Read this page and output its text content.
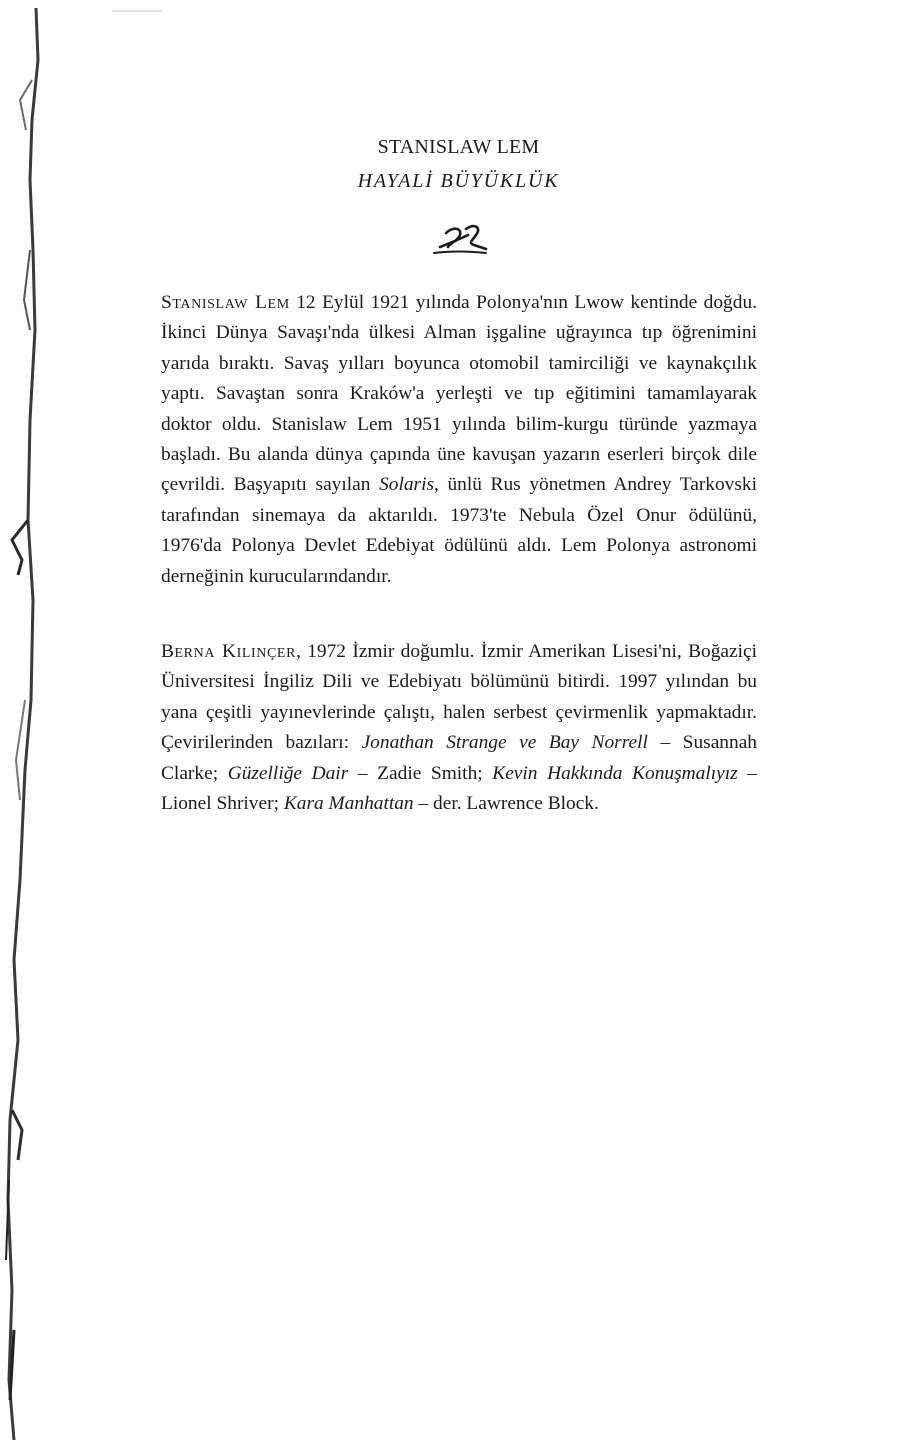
STANISLAW LEM
HAYALİ BÜYÜKLÜK

Stanislaw Lem 12 Eylül 1921 yılında Polonya'nın Lwow kentinde doğdu. İkinci Dünya Savaşı'nda ülkesi Alman işgaline uğrayınca tıp öğrenimini yarıda bıraktı. Savaş yılları boyunca otomobil tamirciliği ve kaynakçılık yaptı. Savaştan sonra Kraków'a yerleşti ve tıp eğitimini tamamlayarak doktor oldu. Stanislaw Lem 1951 yılında bilim-kurgu türünde yazmaya başladı. Bu alanda dünya çapında üne kavuşan yazarın eserleri birçok dile çevrildi. Başyapıtı sayılan Solaris, ünlü Rus yönetmen Andrey Tarkovski tarafından sinemaya da aktarıldı. 1973'te Nebula Özel Onur ödülünü, 1976'da Polonya Devlet Edebiyat ödülünü aldı. Lem Polonya astronomi derneğinin kurucularındandır.

Berna Kılınçer, 1972 İzmir doğumlu. İzmir Amerikan Lisesi'ni, Boğaziçi Üniversitesi İngiliz Dili ve Edebiyatı bölümünü bitirdi. 1997 yılından bu yana çeşitli yayınevlerinde çalıştı, halen serbest çevirmenlik yapmaktadır. Çevirilerinden bazıları: Jonathan Strange ve Bay Norrell – Susannah Clarke; Güzelliğe Dair – Zadie Smith; Kevin Hakkında Konuşmalıyız – Lionel Shriver; Kara Manhattan – der. Lawrence Block.
